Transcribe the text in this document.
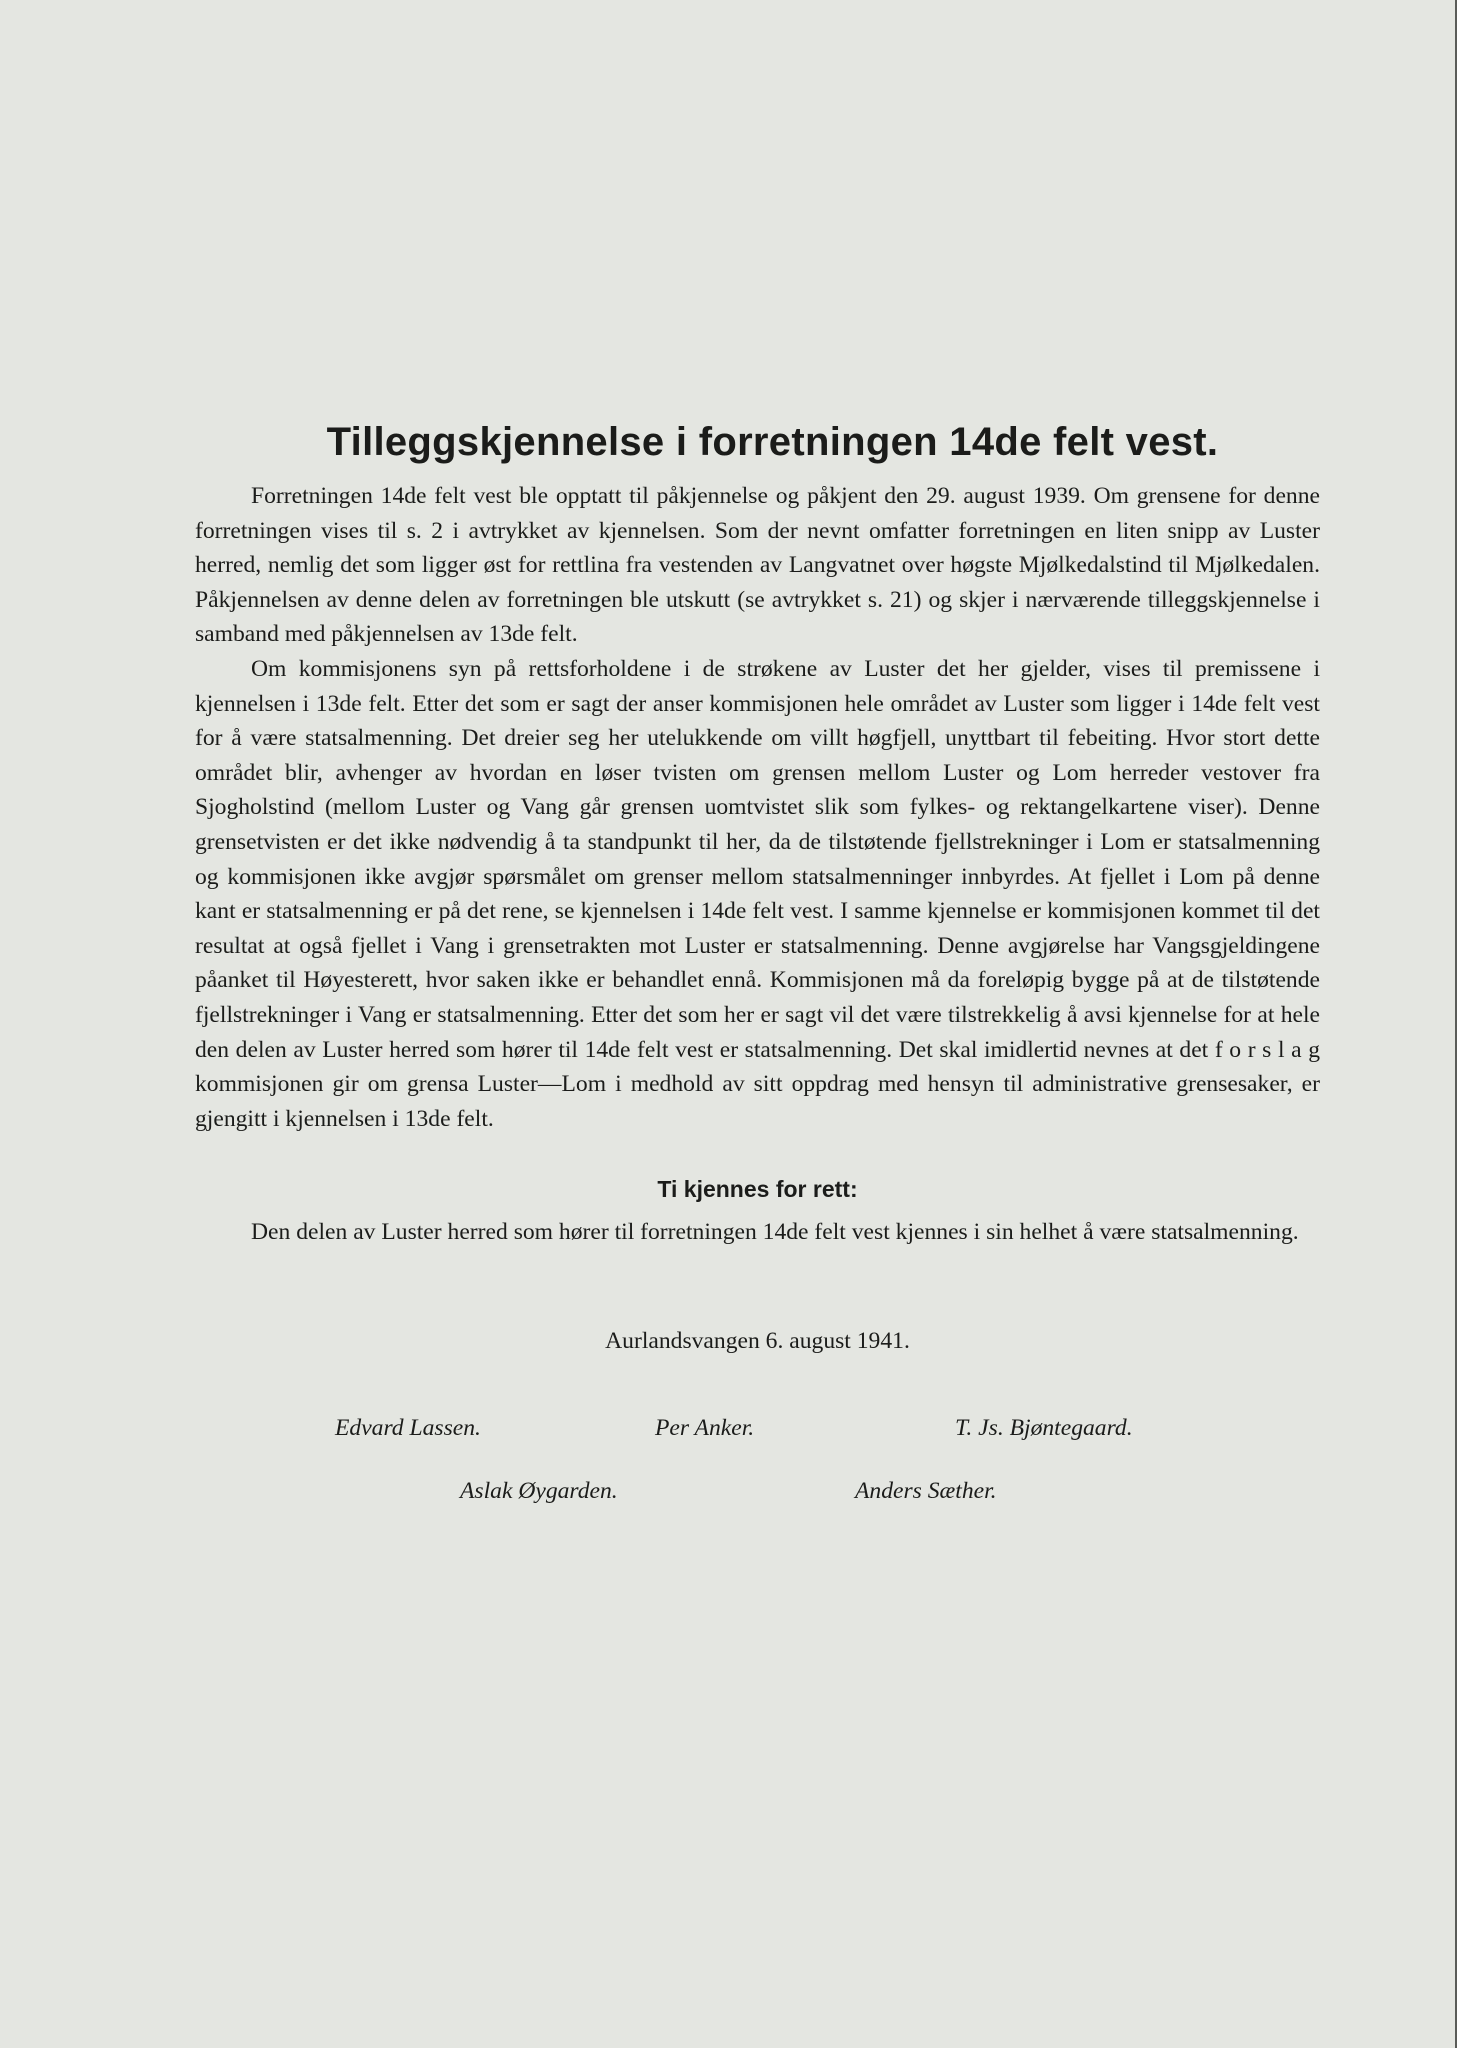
Tilleggskjennelse i forretningen 14de felt vest.

Forretningen 14de felt vest ble opptatt til påkjennelse og påkjent den 29. august 1939. Om grensene for denne forretningen vises til s. 2 i avtrykket av kjennelsen. Som der nevnt omfatter forretningen en liten snipp av Luster herred, nemlig det som ligger øst for rettlina fra vestenden av Langvatnet over høgste Mjølkedalstind til Mjølkedalen. Påkjennelsen av denne delen av forretningen ble utskutt (se avtrykket s. 21) og skjer i nærværende tilleggskjennelse i samband med påkjennelsen av 13de felt.

Om kommisjonens syn på rettsforholdene i de strøkene av Luster det her gjelder, vises til premissene i kjennelsen i 13de felt. Etter det som er sagt der anser kommisjonen hele området av Luster som ligger i 14de felt vest for å være statsalmenning. Det dreier seg her utelukkende om villt høgfjell, unyttbart til febeiting. Hvor stort dette området blir, avhenger av hvordan en løser tvisten om grensen mellom Luster og Lom herreder vestover fra Sjogholstind (mellom Luster og Vang går grensen uomtvistet slik som fylkes- og rektangelkartene viser). Denne grensetvisten er det ikke nødvendig å ta standpunkt til her, da de tilstøtende fjellstrekninger i Lom er statsalmenning og kommisjonen ikke avgjør spørsmålet om grenser mellom statsalmenninger innbyrdes. At fjellet i Lom på denne kant er statsalmenning er på det rene, se kjennelsen i 14de felt vest. I samme kjennelse er kommisjonen kommet til det resultat at også fjellet i Vang i grensetrakten mot Luster er statsalmenning. Denne avgjørelse har Vangsgjeldingene påanket til Høyesterett, hvor saken ikke er behandlet ennå. Kommisjonen må da foreløpig bygge på at de tilstøtende fjellstrekninger i Vang er statsalmenning. Etter det som her er sagt vil det være tilstrekkelig å avsi kjennelse for at hele den delen av Luster herred som hører til 14de felt vest er statsalmenning. Det skal imidlertid nevnes at det f o r s l a g kommisjonen gir om grensa Luster—Lom i medhold av sitt oppdrag med hensyn til administrative grensesaker, er gjengitt i kjennelsen i 13de felt.

Ti kjennes for rett:

Den delen av Luster herred som hører til forretningen 14de felt vest kjennes i sin helhet å være statsalmenning.

Aurlandsvangen 6. august 1941.
Edvard Lassen.	Per Anker.	T. Js. Bjøntegaard.
Aslak Øygarden.	Anders Sæther.
